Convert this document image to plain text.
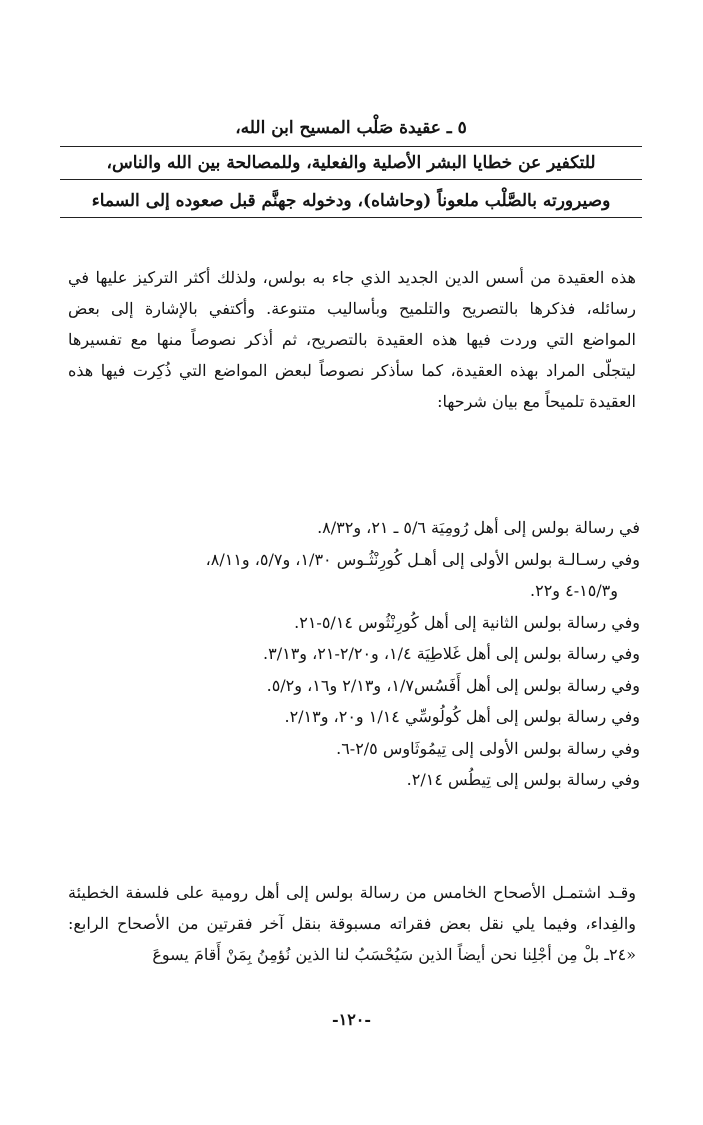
٥ ـ عقيدة صَلْب المسيح ابن الله،
للتكفير عن خطايا البشر الأصلية والفعلية، وللمصالحة بين الله والناس،
وصيرورته بالصَّلْب ملعوناً (وحاشاه)، ودخوله جهنَّم قبل صعوده إلى السماء

هذه العقيدة من أسس الدين الجديد الذي جاء به بولس، ولذلك أكثر التركيز عليها في رسائله، فذكرها بالتصريح والتلميح وبأساليب متنوعة. وأكتفي بالإشارة إلى بعض المواضع التي وردت فيها هذه العقيدة بالتصريح، ثم أذكر نصوصاً منها مع تفسيرها ليتجلّى المراد بهذه العقيدة، كما سأذكر نصوصاً لبعض المواضع التي ذُكِرت فيها هذه العقيدة تلميحاً مع بيان شرحها:

في رسالة بولس إلى أهل رُومِيَة ٥/٦ ـ ٢١، و٨/٣٢.
وفي رسـالـة بولس الأولى إلى أهـل كُورِنْثُـوس ١/٣٠، و٥/٧، و٨/١١،
و١٥/٣-٤ و٢٢.
وفي رسالة بولس الثانية إلى أهل كُورِنْثُوس ٥/١٤-٢١.
وفي رسالة بولس إلى أهل غَلاطِيَة ١/٤، و٢/٢٠-٢١، و٣/١٣.
وفي رسالة بولس إلى أهل أَفَسُس١/٧، و٢/١٣ و١٦، و٥/٢.
وفي رسالة بولس إلى أهل كُولُوسِّي ١/١٤ و٢٠، و٢/١٣.
وفي رسالة بولس الأولى إلى تِيمُوثَاوس ٢/٥-٦.
وفي رسالة بولس إلى تِيطُس ٢/١٤.

وقـد اشتمـل الأصحاح الخامس من رسالة بولس إلى أهل رومية على فلسفة الخطيئة والفِداء، وفيما يلي نقل بعض فقراته مسبوقة بنقل آخر فقرتين من الأصحاح الرابع: «٢٤ـ بلْ مِن أجْلِنا نحن أيضاً الذين سَيُحْسَبُ لنا الذين نُؤمِنُ بِمَنْ أَقامَ يسوعَ

-١٢٠-
